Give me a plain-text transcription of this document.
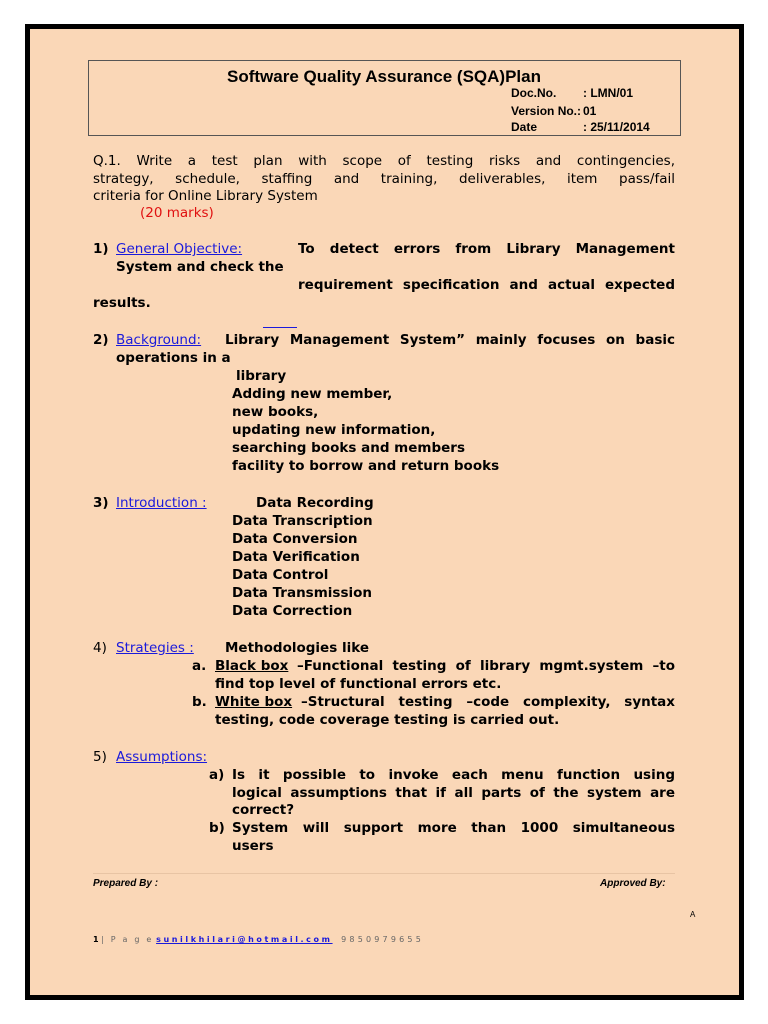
Software Quality Assurance (SQA)Plan
Doc.No. : LMN/01
Version No.: 01
Date	: 25/11/2014
Q.1. Write a test plan with scope of testing risks and contingencies,
strategy, schedule, staffing and training, deliverables, item pass/fail
criteria for Online Library System
(20 marks)
1) General Objective:	To detect errors from Library Management
System and check the
requirement specification and actual expected
results.
2) Background: Library Management System” mainly focuses on basic
operations in a
library
Adding new member,
new books,
updating new information,
searching books and members
facility to borrow and return books
3) Introduction :	Data Recording
Data Transcription
Data Conversion
Data Verification
Data Control
Data Transmission
Data Correction
4) Strategies : Methodologies like
a. Black box –Functional testing of library mgmt.system –to
find top level of functional errors etc.
b. White box –Structural testing –code complexity, syntax
testing, code coverage testing is carried out.
5) Assumptions:
a) Is it possible to invoke each menu function using
logical assumptions that if all parts of the system are
correct?
b) System will support more than 1000 simultaneous
users
Prepared By :	Approved By:
A
1 | P a g e sunilkhilari@hotmail.com 9850979655
